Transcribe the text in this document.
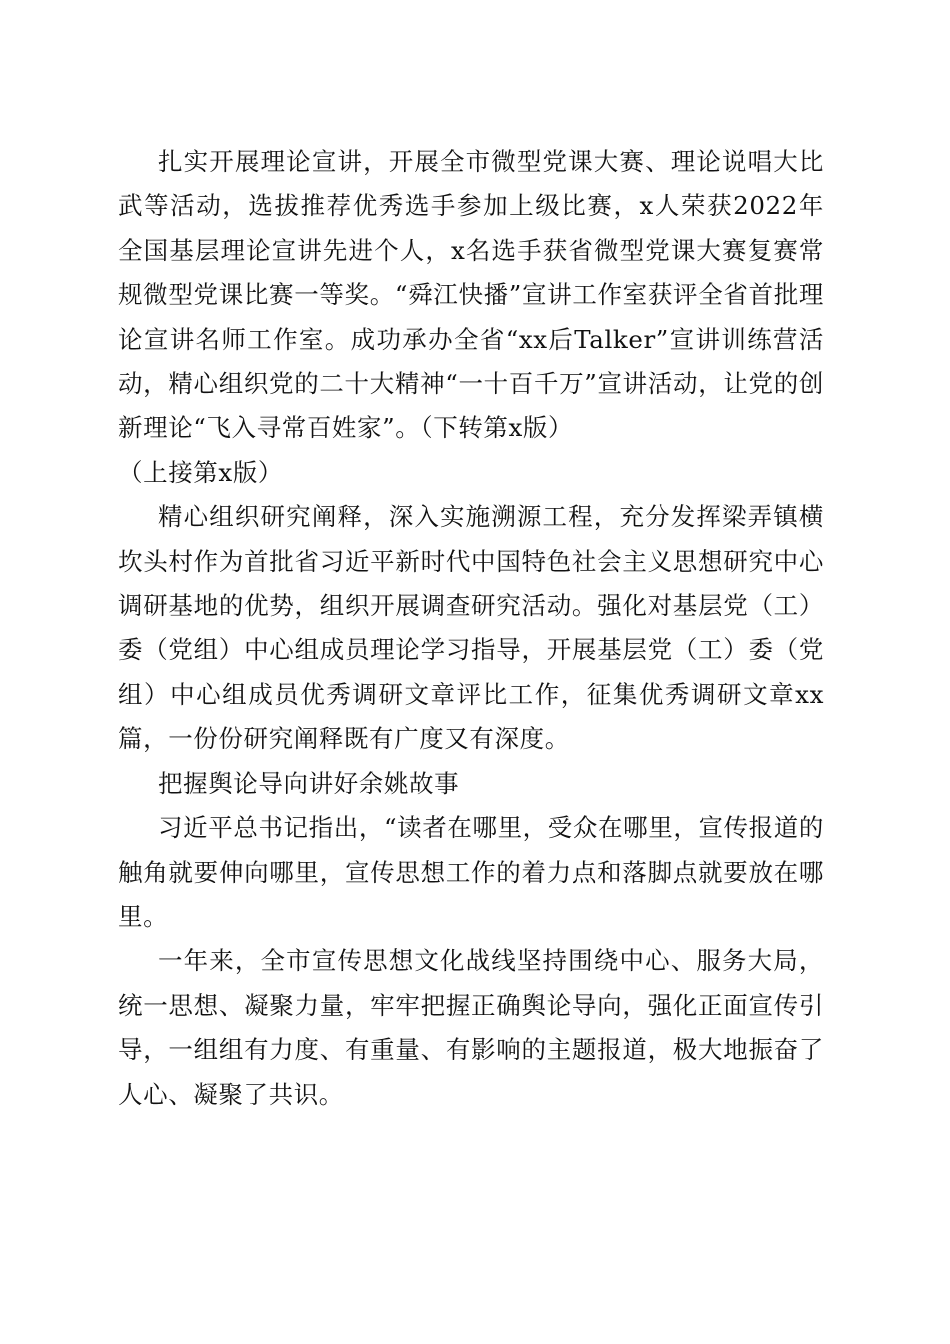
扎实开展理论宣讲，开展全市微型党课大赛、理论说唱大比武等活动，选拔推荐优秀选手参加上级比赛，x人荣获2022年全国基层理论宣讲先进个人，x名选手获省微型党课大赛复赛常规微型党课比赛一等奖。“舜江快播”宣讲工作室获评全省首批理论宣讲名师工作室。成功承办全省“xx后Talker”宣讲训练营活动，精心组织党的二十大精神“一十百千万”宣讲活动，让党的创新理论“飞入寻常百姓家”。（下转第x版）

（上接第x版）

精心组织研究阐释，深入实施溯源工程，充分发挥梁弄镇横坎头村作为首批省习近平新时代中国特色社会主义思想研究中心调研基地的优势，组织开展调查研究活动。强化对基层党（工）委（党组）中心组成员理论学习指导，开展基层党（工）委（党组）中心组成员优秀调研文章评比工作，征集优秀调研文章xx篇，一份份研究阐释既有广度又有深度。

把握舆论导向讲好余姚故事

习近平总书记指出，“读者在哪里，受众在哪里，宣传报道的触角就要伸向哪里，宣传思想工作的着力点和落脚点就要放在哪里。

一年来，全市宣传思想文化战线坚持围绕中心、服务大局，统一思想、凝聚力量，牢牢把握正确舆论导向，强化正面宣传引导，一组组有力度、有重量、有影响的主题报道，极大地振奋了人心、凝聚了共识。
